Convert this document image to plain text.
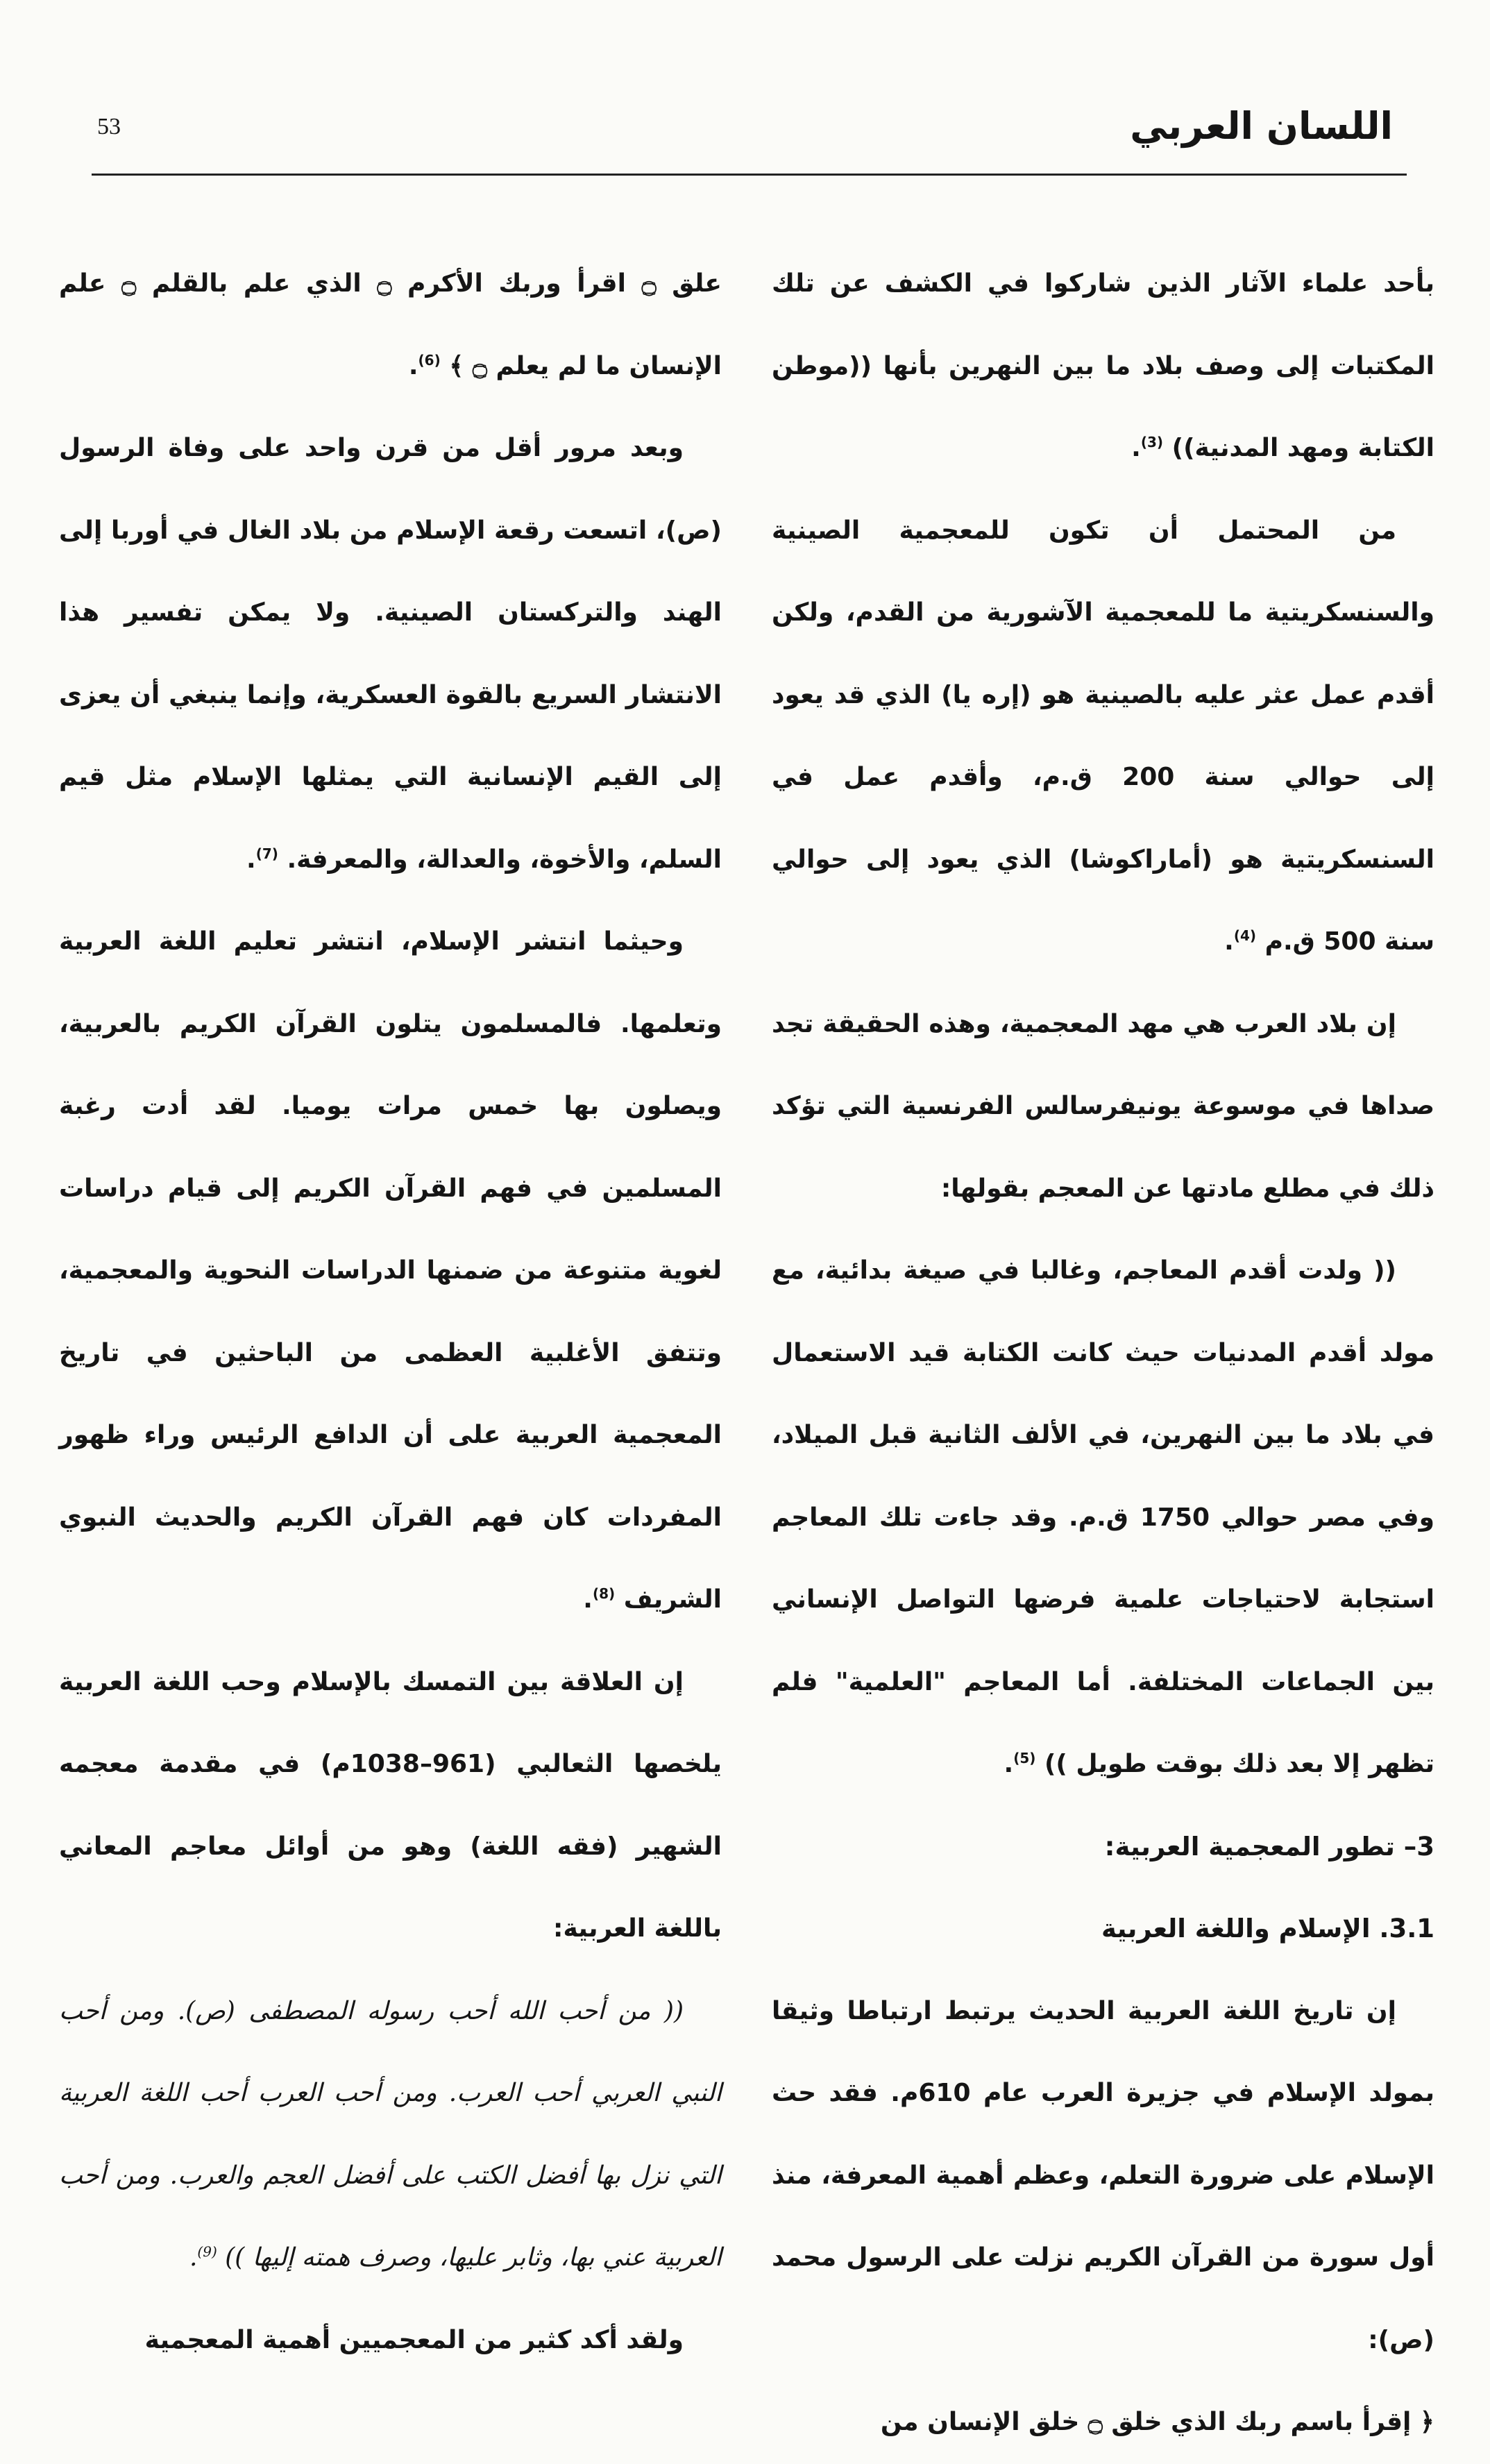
53	اللسان العربي

بأحد علماء الآثار الذين شاركوا في الكشف عن تلك المكتبات إلى وصف بلاد ما بين النهرين بأنها ((موطن الكتابة ومهد المدنية)) $^{(3)}$.

من المحتمل أن تكون للمعجمية الصينية والسنسكريتية ما للمعجمية الآشورية من القدم، ولكن أقدم عمل عثر عليه بالصينية هو (إره يا) الذي قد يعود إلى حوالي سنة 200 ق.م، وأقدم عمل في السنسكريتية هو (أماراكوشا) الذي يعود إلى حوالي سنة 500 ق.م $^{(4)}$.

إن بلاد العرب هي مهد المعجمية، وهذه الحقيقة تجد صداها في موسوعة يونيفرسالس الفرنسية التي تؤكد ذلك في مطلع مادتها عن المعجم بقولها:

(( ولدت أقدم المعاجم، وغالبا في صيغة بدائية، مع مولد أقدم المدنيات حيث كانت الكتابة قيد الاستعمال في بلاد ما بين النهرين، في الألف الثانية قبل الميلاد، وفي مصر حوالي 1750 ق.م. وقد جاءت تلك المعاجم استجابة لاحتياجات علمية فرضها التواصل الإنساني بين الجماعات المختلفة. أما المعاجم "العلمية" فلم تظهر إلا بعد ذلك بوقت طويل )) $^{(5)}$.

3– تطور المعجمية العربية:

3.1. الإسلام واللغة العربية

إن تاريخ اللغة العربية الحديث يرتبط ارتباطا وثيقا بمولد الإسلام في جزيرة العرب عام 610م. فقد حث الإسلام على ضرورة التعلم، وعظم أهمية المعرفة، منذ أول سورة من القرآن الكريم نزلت على الرسول محمد (ص):

﴿ إقرأ باسم ربك الذي خلق ۝ خلق الإنسان من

علق ۝ اقرأ وربك الأكرم ۝ الذي علم بالقلم ۝ علم الإنسان ما لم يعلم ۝ ﴾ $^{(6)}$.

وبعد مرور أقل من قرن واحد على وفاة الرسول (ص)، اتسعت رقعة الإسلام من بلاد الغال في أوربا إلى الهند والتركستان الصينية. ولا يمكن تفسير هذا الانتشار السريع بالقوة العسكرية، وإنما ينبغي أن يعزى إلى القيم الإنسانية التي يمثلها الإسلام مثل قيم السلم، والأخوة، والعدالة، والمعرفة. $^{(7)}$.

وحيثما انتشر الإسلام، انتشر تعليم اللغة العربية وتعلمها. فالمسلمون يتلون القرآن الكريم بالعربية، ويصلون بها خمس مرات يوميا. لقد أدت رغبة المسلمين في فهم القرآن الكريم إلى قيام دراسات لغوية متنوعة من ضمنها الدراسات النحوية والمعجمية، وتتفق الأغلبية العظمى من الباحثين في تاريخ المعجمية العربية على أن الدافع الرئيس وراء ظهور المفردات كان فهم القرآن الكريم والحديث النبوي الشريف $^{(8)}$.

إن العلاقة بين التمسك بالإسلام وحب اللغة العربية يلخصها الثعالبي (961–1038م) في مقدمة معجمه الشهير (فقه اللغة) وهو من أوائل معاجم المعاني باللغة العربية:

(( من أحب الله أحب رسوله المصطفى (ص). ومن أحب النبي العربي أحب العرب. ومن أحب العرب أحب اللغة العربية التي نزل بها أفضل الكتب على أفضل العجم والعرب. ومن أحب العربية عني بها، وثابر عليها، وصرف همته إليها )) $^{(9)}$.

ولقد أكد كثير من المعجميين أهمية المعجمية
